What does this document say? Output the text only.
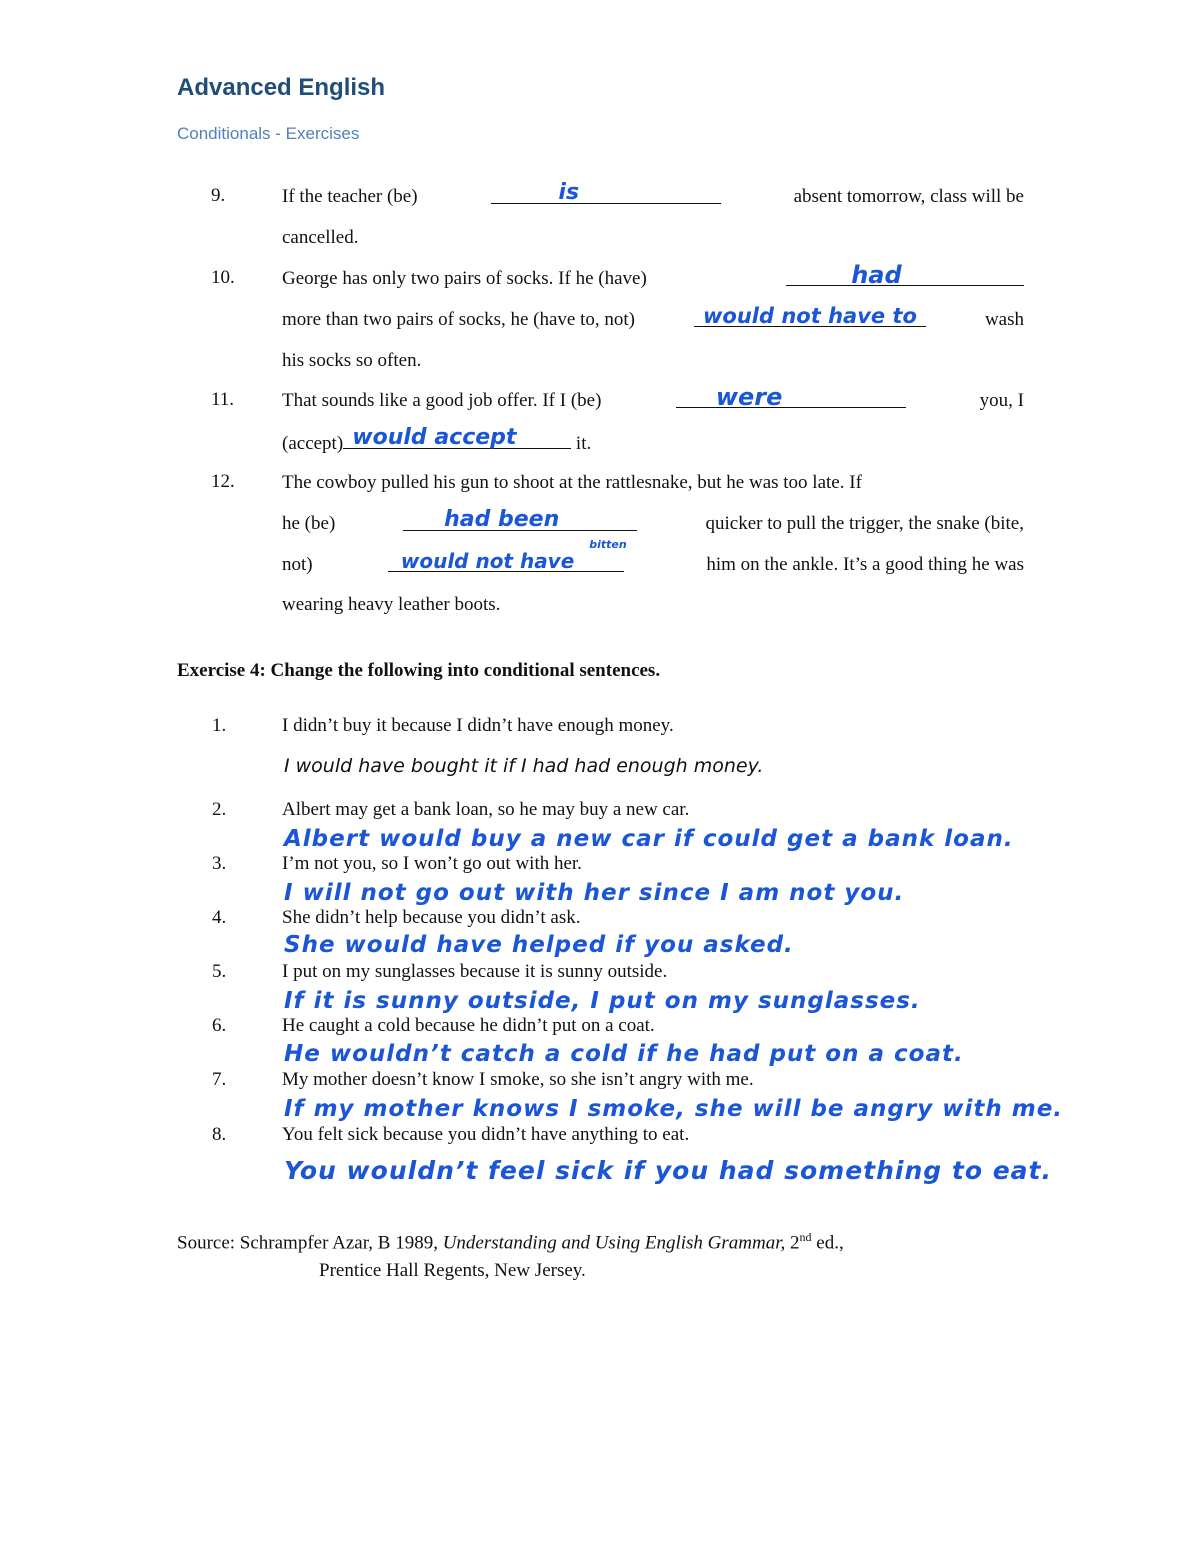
Advanced English
Conditionals - Exercises
9.	If the teacher (be)	is	absent tomorrow, class will be
cancelled.
10. George has only two pairs of socks. If he (have)	had
more than two pairs of socks, he (have to, not)	would not have to	wash
his socks so often.
11.	That sounds like a good job offer. If I (be)	were	you, I
(accept) would accept	it.
12. The cowboy pulled his gun to shoot at the rattlesnake, but he was too late. If
he (be)	had been	quicker to pull the trigger, the snake (bite,
not)	would not have
bitten
him on the ankle. It’s a good thing he was
wearing heavy leather boots.
Exercise 4: Change the following into conditional sentences.
1.	I didn’t buy it because I didn’t have enough money.
I would have bought it if I had had enough money.
2.	Albert may get a bank loan, so he may buy a new car.
Albert would buy a new car if could get a bank loan.
3.	I’m not you, so I won’t go out with her.
I will not go out with her since I am not you.
4.	She didn’t help because you didn’t ask.
She would have helped if you asked.
5.	I put on my sunglasses because it is sunny outside.
If it is sunny outside, I put on my sunglasses.
6.	He caught a cold because he didn’t put on a coat.
He wouldn’t catch a cold if he had put on a coat.
7.	My mother doesn’t know I smoke, so she isn’t angry with me.
If my mother knows I smoke, she will be angry with me.
8.	You felt sick because you didn’t have anything to eat.
You wouldn’t feel sick if you had something to eat.
Source: Schrampfer Azar, B 1989, Understanding and Using English Grammar, 2nd ed.,
Prentice Hall Regents, New Jersey.
